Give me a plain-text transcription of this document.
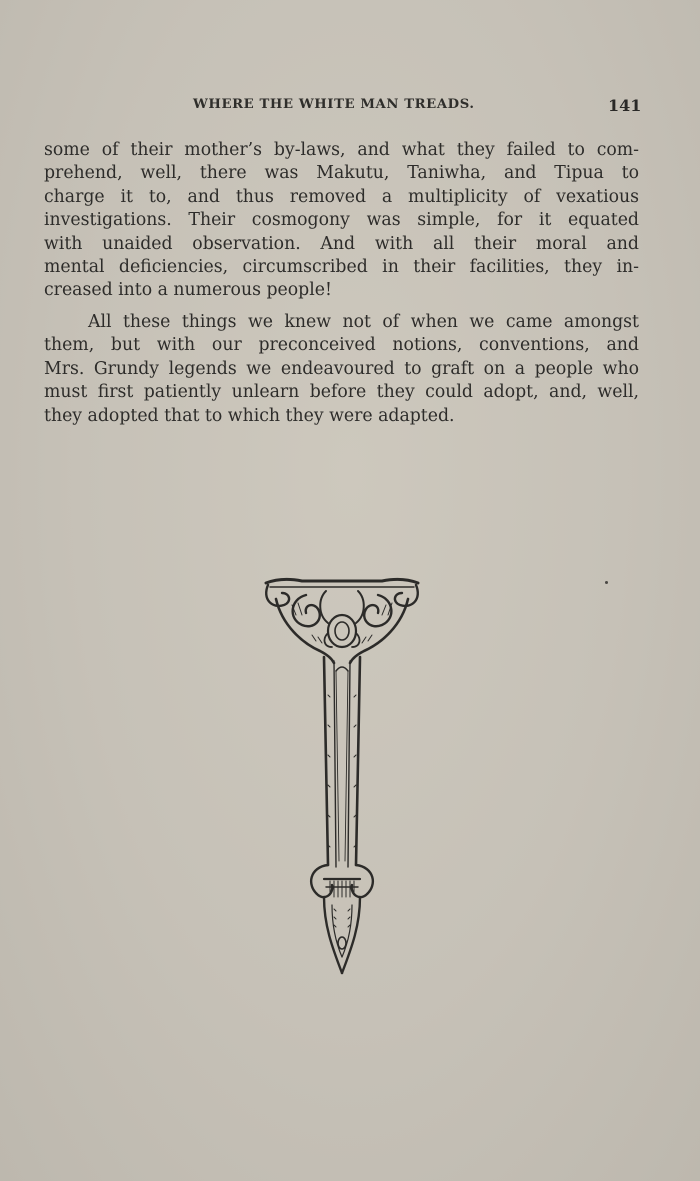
WHERE THE WHITE MAN TREADS.	141
some of their mother’s by-laws, and what they failed to com-
prehend, well, there was Makutu, Taniwha, and Tipua to
charge it to, and thus removed a multiplicity of vexatious
investigations. Their cosmogony was simple, for it equated
with unaided observation. And with all their moral and
mental deficiencies, circumscribed in their facilities, they in-
creased into a numerous people!
All these things we knew not of when we came amongst
them, but with our preconceived notions, conventions, and
Mrs. Grundy legends we endeavoured to graft on a people who
must first patiently unlearn before they could adopt, and, well,
they adopted that to which they were adapted.
